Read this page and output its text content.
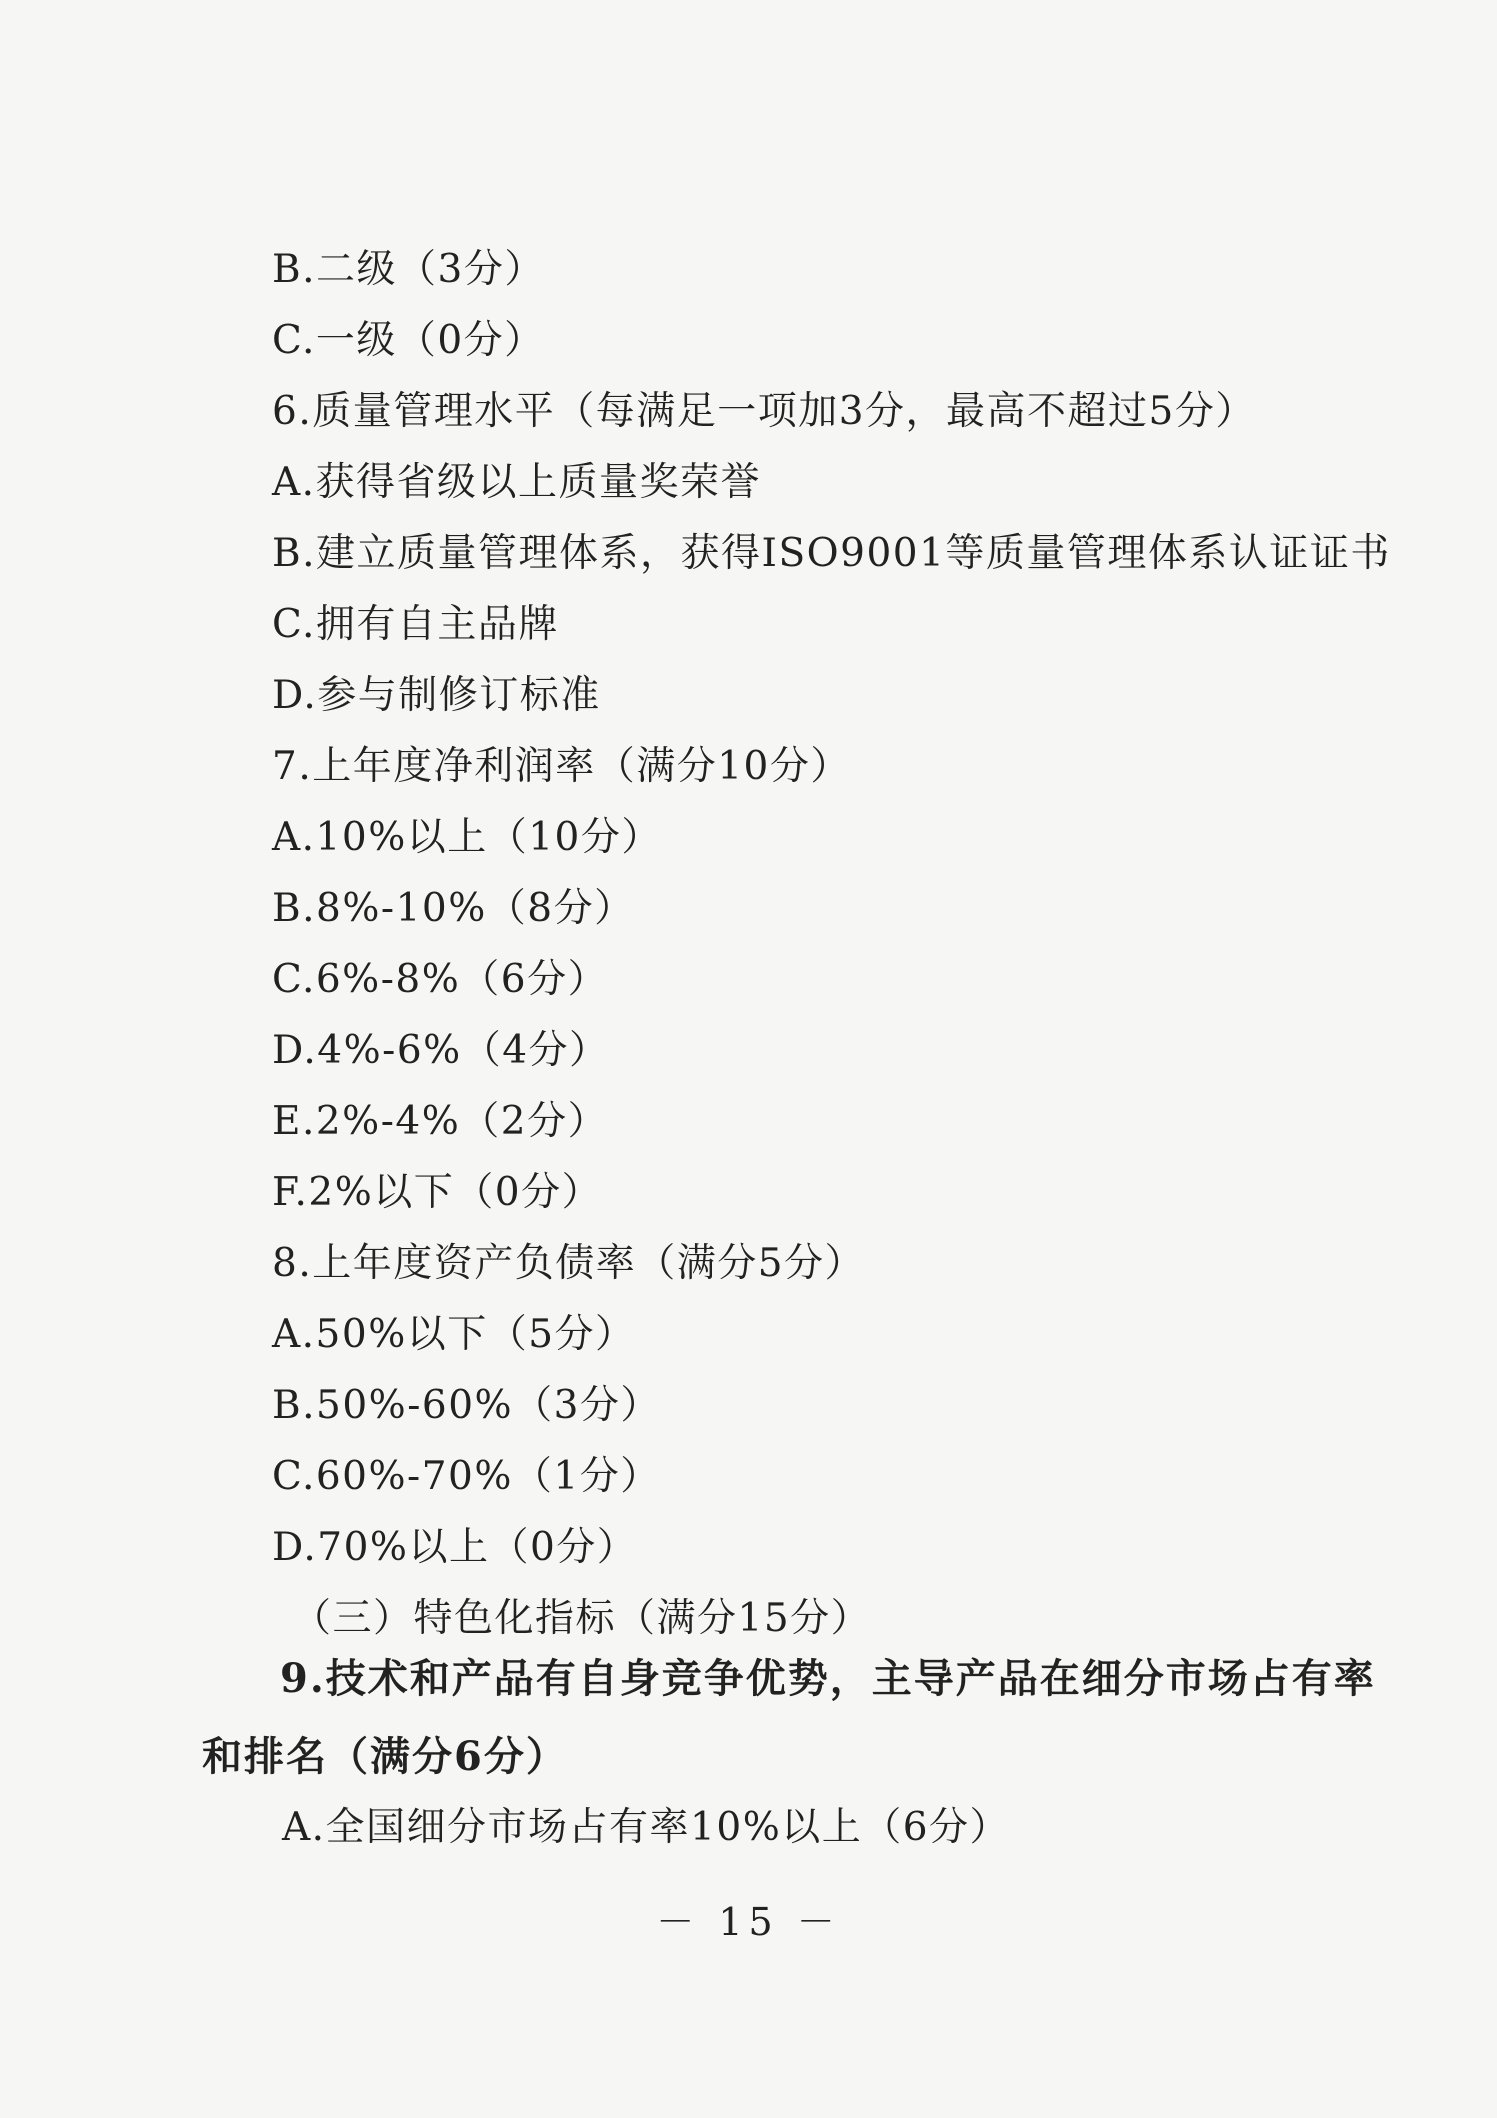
B.二级（3分）
C.一级（0分）
6.质量管理水平（每满足一项加3分，最高不超过5分）
A.获得省级以上质量奖荣誉
B.建立质量管理体系，获得ISO9001等质量管理体系认证证书
C.拥有自主品牌
D.参与制修订标准
7.上年度净利润率（满分10分）
A.10%以上（10分）
B.8%-10%（8分）
C.6%-8%（6分）
D.4%-6%（4分）
E.2%-4%（2分）
F.2%以下（0分）
8.上年度资产负债率（满分5分）
A.50%以下（5分）
B.50%-60%（3分）
C.60%-70%（1分）
D.70%以上（0分）
（三）特色化指标（满分15分）
9.技术和产品有自身竞争优势，主导产品在细分市场占有率
和排名（满分6分）
A.全国细分市场占有率10%以上（6分）
－ 15 －
